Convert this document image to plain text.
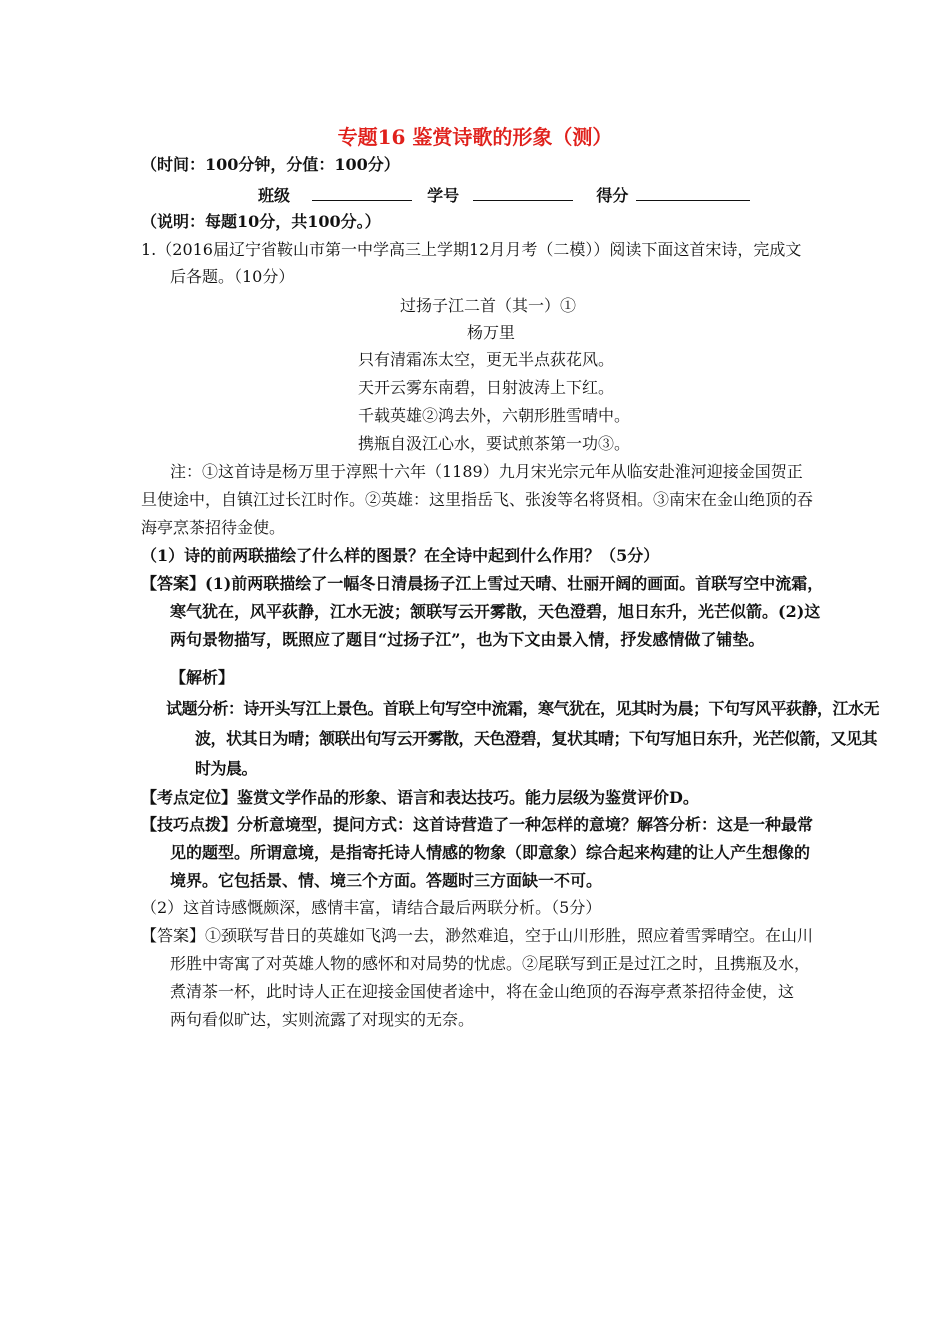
专题16 鉴赏诗歌的形象（测）
（时间：100分钟，分值：100分）
班级	学号	得分
（说明：每题10分，共100分。）
1.（2016届辽宁省鞍山市第一中学高三上学期12月月考（二模））阅读下面这首宋诗，完成文
后各题。（10分）
过扬子江二首（其一）①
杨万里
只有清霜冻太空，更无半点荻花风。
天开云雾东南碧，日射波涛上下红。
千载英雄②鸿去外，六朝形胜雪晴中。
携瓶自汲江心水，要试煎茶第一功③。
注：①这首诗是杨万里于淳熙十六年（1189）九月宋光宗元年从临安赴淮河迎接金国贺正
旦使途中，自镇江过长江时作。②英雄：这里指岳飞、张浚等名将贤相。③南宋在金山绝顶的吞
海亭烹茶招待金使。
（1）诗的前两联描绘了什么样的图景？在全诗中起到什么作用？（5分）
【答案】(1)前两联描绘了一幅冬日清晨扬子江上雪过天晴、壮丽开阔的画面。首联写空中流霜，
寒气犹在，风平荻静，江水无波；颔联写云开雾散，天色澄碧，旭日东升，光芒似箭。(2)这
两句景物描写，既照应了题目“过扬子江”，也为下文由景入情，抒发感情做了铺垫。
【解析】
试题分析：诗开头写江上景色。首联上句写空中流霜，寒气犹在，见其时为晨；下句写风平荻静，江水无
波，状其日为晴；颔联出句写云开雾散，天色澄碧，复状其晴；下句写旭日东升，光芒似箭，又见其
时为晨。
【考点定位】鉴赏文学作品的形象、语言和表达技巧。能力层级为鉴赏评价D。
【技巧点拨】分析意境型，提问方式：这首诗营造了一种怎样的意境？解答分析：这是一种最常
见的题型。所谓意境，是指寄托诗人情感的物象（即意象）综合起来构建的让人产生想像的
境界。它包括景、情、境三个方面。答题时三方面缺一不可。
（2）这首诗感慨颇深，感情丰富，请结合最后两联分析。（5分）
【答案】①颈联写昔日的英雄如飞鸿一去，渺然难追，空于山川形胜，照应着雪霁晴空。在山川
形胜中寄寓了对英雄人物的感怀和对局势的忧虑。②尾联写到正是过江之时，且携瓶及水，
煮清茶一杯，此时诗人正在迎接金国使者途中，将在金山绝顶的吞海亭煮茶招待金使，这
两句看似旷达，实则流露了对现实的无奈。
